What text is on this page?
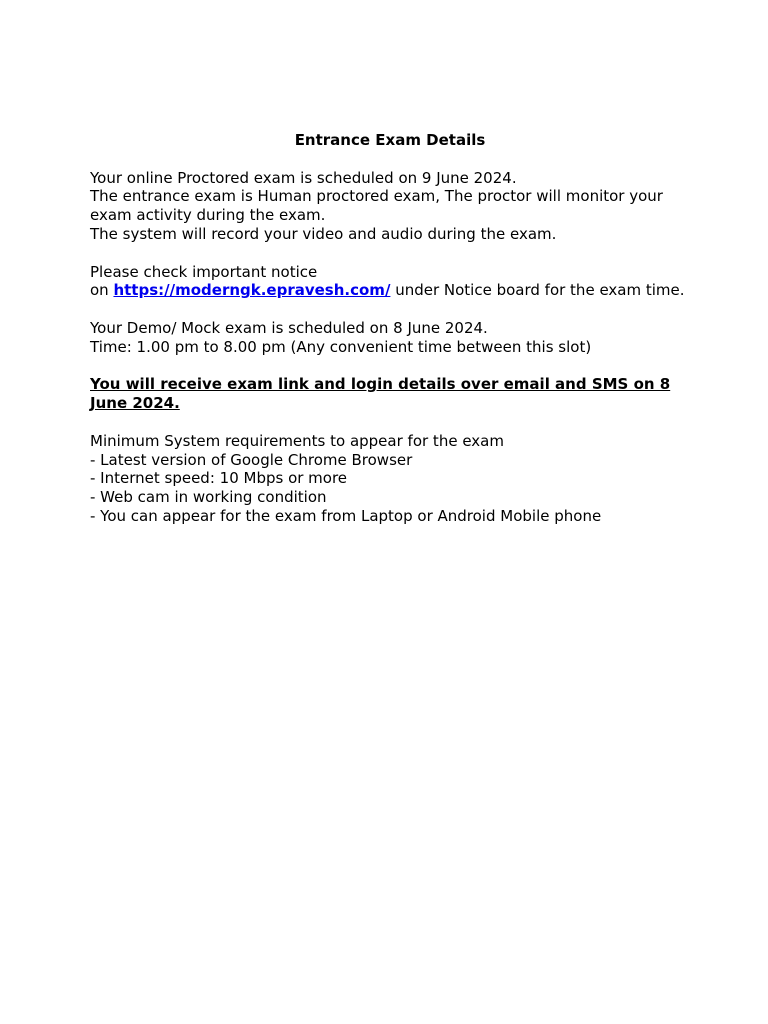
Entrance Exam Details
Your online Proctored exam is scheduled on 9 June 2024.
The entrance exam is Human proctored exam, The proctor will monitor your exam activity during the exam.
The system will record your video and audio during the exam.
Please check important notice
on https://moderngk.epravesh.com/ under Notice board for the exam time.
Your Demo/ Mock exam is scheduled on 8 June 2024.
Time: 1.00 pm to 8.00 pm (Any convenient time between this slot)
You will receive exam link and login details over email and SMS on 8 June 2024.
Minimum System requirements to appear for the exam
- Latest version of Google Chrome Browser
- Internet speed: 10 Mbps or more
- Web cam in working condition
- You can appear for the exam from Laptop or Android Mobile phone
